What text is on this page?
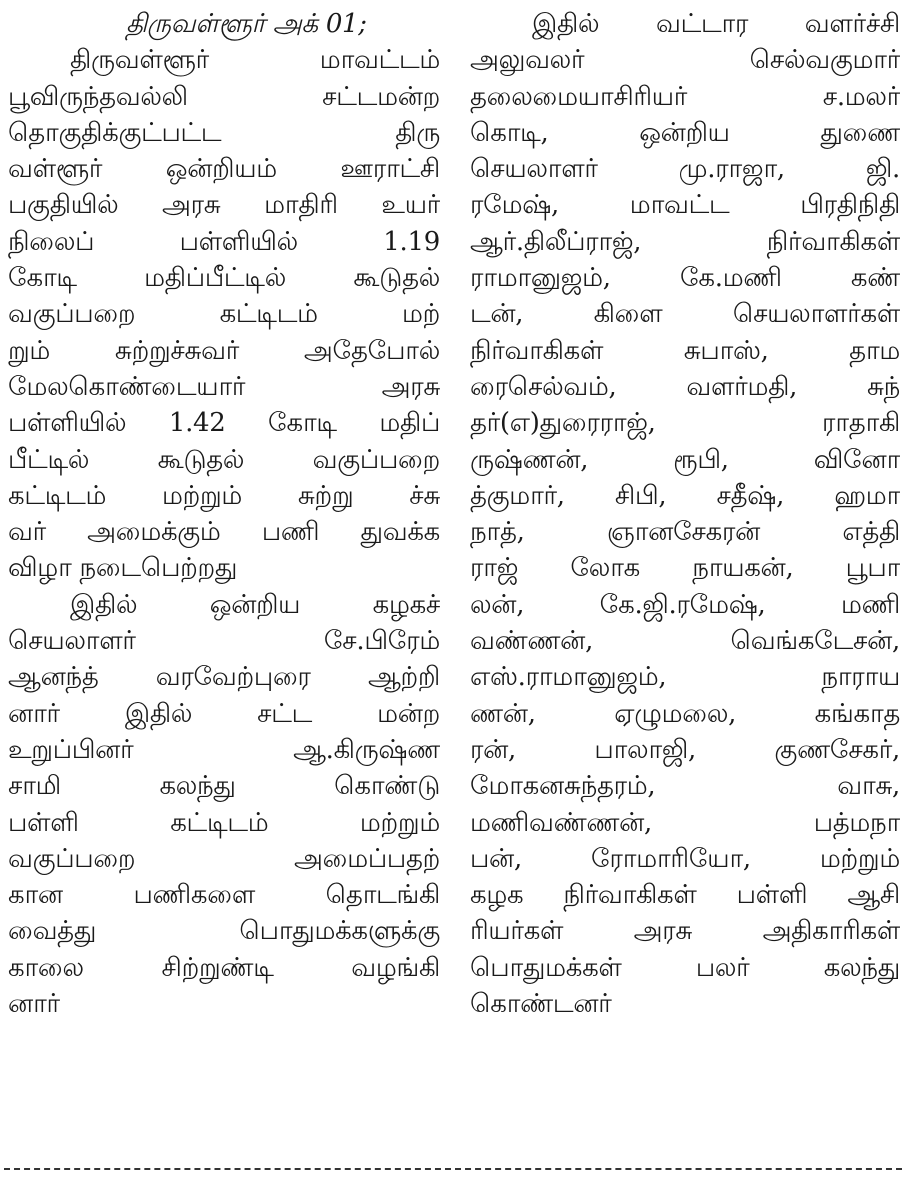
திருவள்ளூர் அக் 01;
திருவள்ளூர் மாவட்டம்
பூவிருந்தவல்லி சட்டமன்ற
தொகுதிக்குட்பட்ட திரு
வள்ளூர் ஒன்றியம் ஊராட்சி
பகுதியில் அரசு மாதிரி உயர்
நிலைப் பள்ளியில் 1.19
கோடி மதிப்பீட்டில் கூடுதல்
வகுப்பறை கட்டிடம் மற்
றும் சுற்றுச்சுவர் அதேபோல்
மேலகொண்டையார் அரசு
பள்ளியில் 1.42 கோடி மதிப்
பீட்டில் கூடுதல் வகுப்பறை
கட்டிடம் மற்றும் சுற்று ச்சு
வர் அமைக்கும் பணி துவக்க
விழா நடைபெற்றது
இதில் ஒன்றிய கழகச்
செயலாளர் சே.பிரேம்
ஆனந்த் வரவேற்புரை ஆற்றி
னார் இதில் சட்ட மன்ற
உறுப்பினர் ஆ.கிருஷ்ண
சாமி கலந்து கொண்டு
பள்ளி கட்டிடம் மற்றும்
வகுப்பறை அமைப்பதற்
கான பணிகளை தொடங்கி
வைத்து பொதுமக்களுக்கு
காலை சிற்றுண்டி வழங்கி
னார்
இதில் வட்டார வளர்ச்சி
அலுவலர் செல்வகுமார்
தலைமையாசிரியர் ச.மலர்
கொடி, ஒன்றிய துணை
செயலாளர் மு.ராஜா, ஜி.
ரமேஷ், மாவட்ட பிரதிநிதி
ஆர்.திலீப்ராஜ், நிர்வாகிகள்
ராமானுஜம், கே.மணி கண்
டன், கிளை செயலாளர்கள்
நிர்வாகிகள் சுபாஸ், தாம
ரைசெல்வம், வளர்மதி, சுந்
தர்(எ)துரைராஜ், ராதாகி
ருஷ்ணன், ரூபி, வினோ
த்குமார், சிபி, சதீஷ், ஹமா
நாத், ஞானசேகரன் எத்தி
ராஜ் லோக நாயகன், பூபா
லன், கே.ஜி.ரமேஷ், மணி
வண்ணன், வெங்கடேசன்,
எஸ்.ராமானுஜம், நாராய
ணன், ஏழுமலை, கங்காத
ரன், பாலாஜி, குணசேகர்,
மோகனசுந்தரம், வாசு,
மணிவண்ணன், பத்மநா
பன், ரோமாரியோ, மற்றும்
கழக நிர்வாகிகள் பள்ளி ஆசி
ரியர்கள் அரசு அதிகாரிகள்
பொதுமக்கள் பலர் கலந்து
கொண்டனர்
